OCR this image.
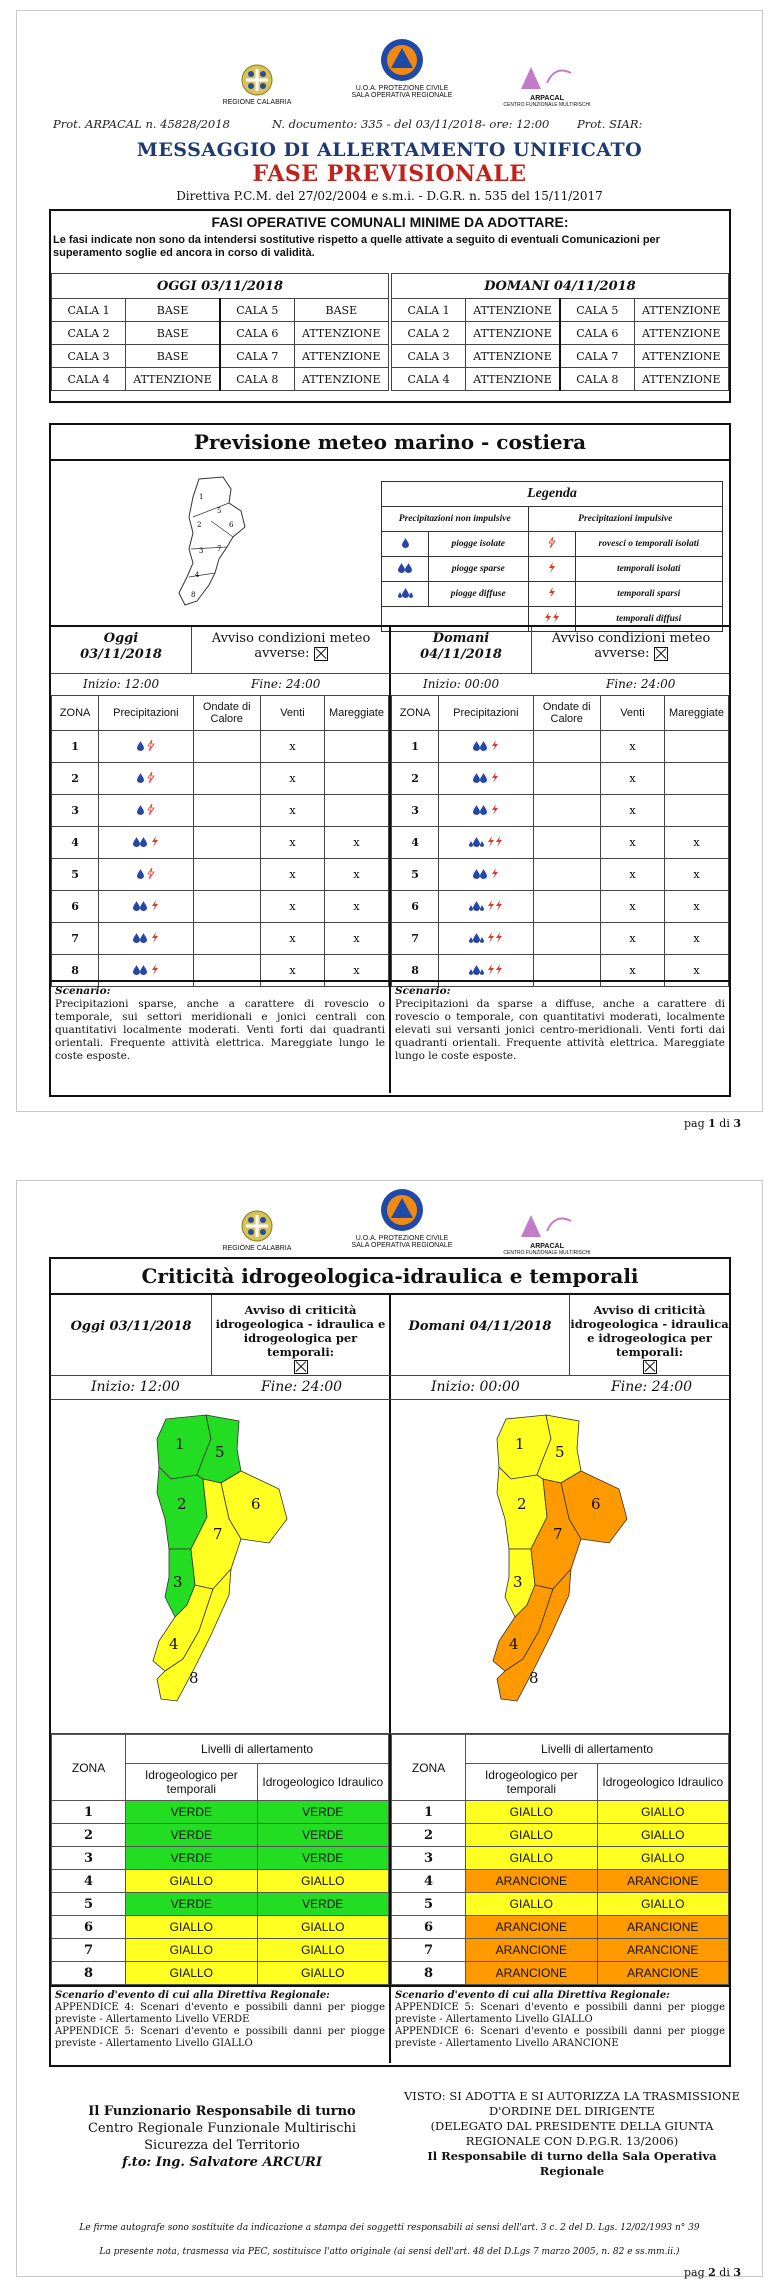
REGIONE CALABRIA
U.O.A. PROTEZIONE CIVILE
SALA OPERATIVA REGIONALE	ARPACAL
CENTRO FUNZIONALE MULTIRISCHI
Prot. ARPACAL n. 45828/2018	N. documento: 335 - del 03/11/2018- ore: 12:00 Prot. SIAR:
MESSAGGIO DI ALLERTAMENTO UNIFICATO
FASE PREVISIONALE
Direttiva P.C.M. del 27/02/2004 e s.m.i. - D.G.R. n. 535 del 15/11/2017
FASI OPERATIVE COMUNALI MINIME DA ADOTTARE:
Le fasi indicate non sono da intendersi sostitutive rispetto a quelle attivate a seguito di eventuali Comunicazioni per superamento soglie ed ancora in corso di validità.
OGGI 03/11/2018			
CALA 1	BASE	CALA 5	BASE
CALA 2	BASE	CALA 6	ATTENZIONE
CALA 3	BASE	CALA 7	ATTENZIONE
CALA 4	ATTENZIONE	CALA 8	ATTENZIONE
DOMANI 04/11/2018			
CALA 1	ATTENZIONE	CALA 5	ATTENZIONE
CALA 2	ATTENZIONE	CALA 6	ATTENZIONE
CALA 3	ATTENZIONE	CALA 7	ATTENZIONE
CALA 4	ATTENZIONE	CALA 8	ATTENZIONE
Previsione meteo marino - costiera
1
5
2	6
3 7
4
8
Legenda			
Precipitazioni non impulsive		Precipitazioni impulsive	
	piogge isolate		rovesci o temporali isolati
	piogge sparse		temporali isolati
	piogge diffuse		temporali sparsi
		temporali diffusi
Oggi
03/11/2018
Avviso condizioni meteo avverse:
Domani
04/11/2018
Avviso condizioni meteo avverse:
Inizio: 12:00	Fine: 24:00	Inizio: 00:00	Fine: 24:00
ZONA	Precipitazioni	Ondate di Calore	Venti	Mareggiate
1			x	
2			x	
3			x	
4			x	x
5			x	x
6			x	x
7			x	x
8			x	x
ZONA	Precipitazioni	Ondate di Calore	Venti	Mareggiate
1			x	
2			x	
3			x	
4			x	x
5			x	x
6			x	x
7			x	x
8			x	x
Scenario:
Precipitazioni sparse, anche a carattere di rovescio o temporale, sui settori meridionali e jonici centrali con quantitativi localmente moderati. Venti forti dai quadranti orientali. Frequente attività elettrica. Mareggiate lungo le coste esposte.
Scenario:
Precipitazioni da sparse a diffuse, anche a carattere di rovescio o temporale, con quantitativi moderati, localmente elevati sui versanti jonici centro-meridionali. Venti forti dai quadranti orientali. Frequente attività elettrica. Mareggiate lungo le coste esposte.
pag 1 di 3
REGIONE CALABRIA
U.O.A. PROTEZIONE CIVILE
SALA OPERATIVA REGIONALE	ARPACAL
CENTRO FUNZIONALE MULTIRISCHI
Criticità idrogeologica-idraulica e temporali
Oggi 03/11/2018
Avviso di criticità idrogeologica - idraulica e idrogeologica per temporali:

Domani 04/11/2018
Avviso di criticità idrogeologica - idraulica e idrogeologica per temporali:

Inizio: 12:00	Fine: 24:00	Inizio: 00:00	Fine: 24:00
1
2
3
4
5
6
7
8
1
2
3
4
5
6
7
8
ZONA	Livelli di allertamento	
	Idrogeologico per temporali	Idrogeologico Idraulico
1	VERDE	VERDE
2	VERDE	VERDE
3	VERDE	VERDE
4	GIALLO	GIALLO
5	VERDE	VERDE
6	GIALLO	GIALLO
7	GIALLO	GIALLO
8	GIALLO	GIALLO
ZONA	Livelli di allertamento	
	Idrogeologico per temporali	Idrogeologico Idraulico
1	GIALLO	GIALLO
2	GIALLO	GIALLO
3	GIALLO	GIALLO
4	ARANCIONE	ARANCIONE
5	GIALLO	GIALLO
6	ARANCIONE	ARANCIONE
7	ARANCIONE	ARANCIONE
8	ARANCIONE	ARANCIONE
Scenario d'evento di cui alla Direttiva Regionale:
APPENDICE 4: Scenari d'evento e possibili danni per piogge previste - Allertamento Livello VERDE
APPENDICE 5: Scenari d'evento e possibili danni per piogge previste - Allertamento Livello GIALLO
Scenario d'evento di cui alla Direttiva Regionale:
APPENDICE 5: Scenari d'evento e possibili danni per piogge previste - Allertamento Livello GIALLO
APPENDICE 6: Scenari d'evento e possibili danni per piogge previste - Allertamento Livello ARANCIONE
Il Funzionario Responsabile di turno
Centro Regionale Funzionale Multirischi
Sicurezza del Territorio
f.to: Ing. Salvatore ARCURI
VISTO: SI ADOTTA E SI AUTORIZZA LA TRASMISSIONE
D'ORDINE DEL DIRIGENTE
(DELEGATO DAL PRESIDENTE DELLA GIUNTA
REGIONALE CON D.P.G.R. 13/2006)
Il Responsabile di turno della Sala Operativa Regionale
Le firme autografe sono sostituite da indicazione a stampa dei soggetti responsabili ai sensi dell'art. 3 c. 2 del D. Lgs. 12/02/1993 n° 39
La presente nota, trasmessa via PEC, sostituisce l'atto originale (ai sensi dell'art. 48 del D.Lgs 7 marzo 2005, n. 82 e ss.mm.ii.)
pag 2 di 3
